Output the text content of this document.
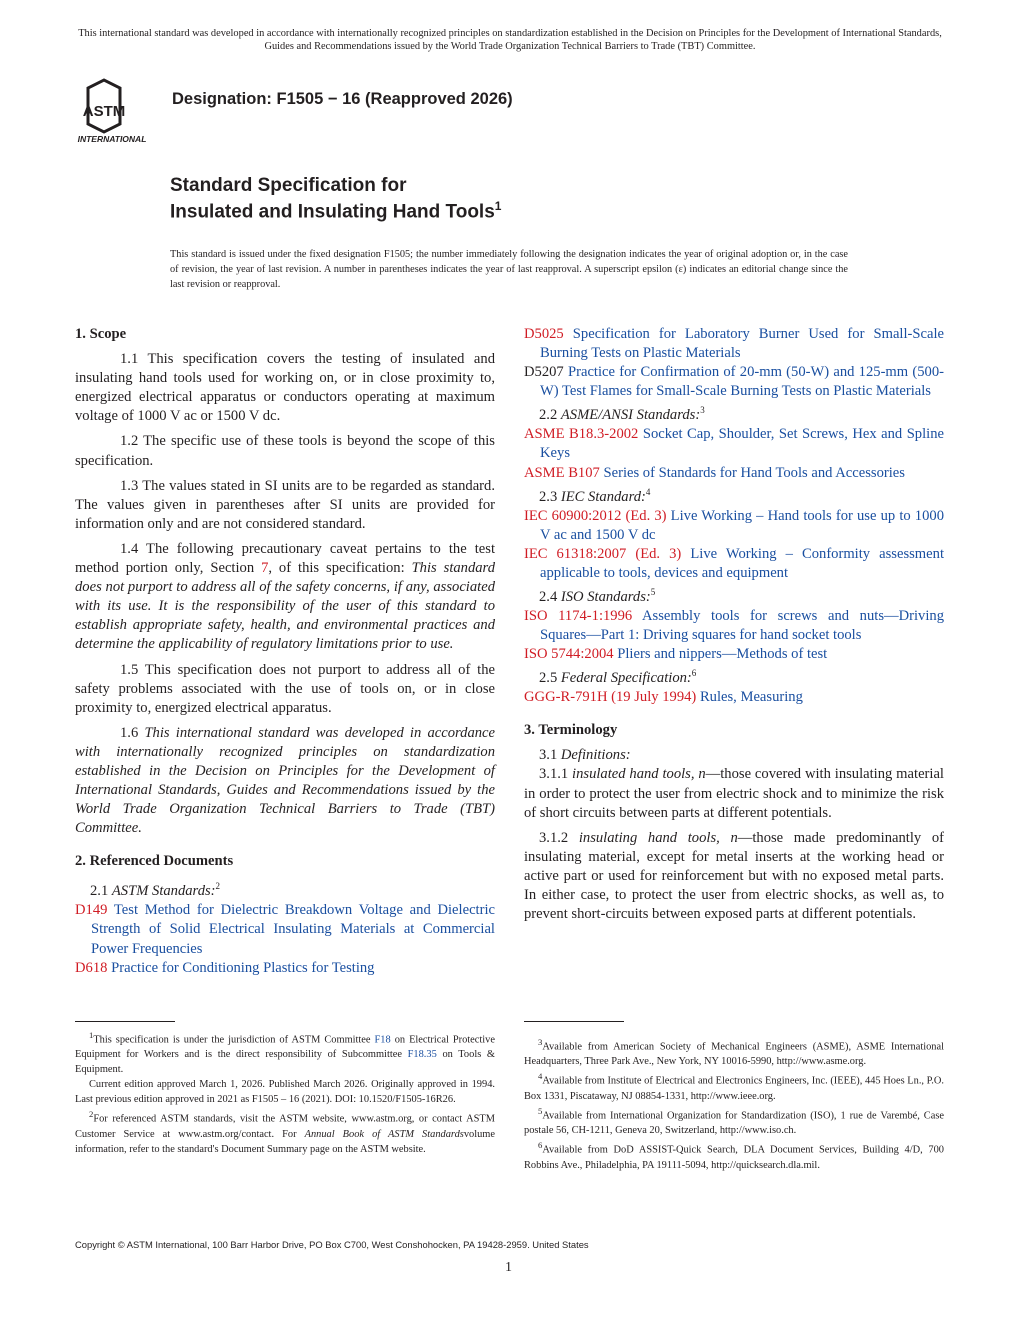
This international standard was developed in accordance with internationally recognized principles on standardization established in the Decision on Principles for the Development of International Standards, Guides and Recommendations issued by the World Trade Organization Technical Barriers to Trade (TBT) Committee.
ASTM
INTERNATIONAL
Designation: F1505 − 16 (Reapproved 2026)
Standard Specification for
Insulated and Insulating Hand Tools$^1$
This standard is issued under the fixed designation F1505; the number immediately following the designation indicates the year of original adoption or, in the case of revision, the year of last revision. A number in parentheses indicates the year of last reapproval. A superscript epsilon (ε) indicates an editorial change since the last revision or reapproval.
1. Scope
1.1 This specification covers the testing of insulated and insulating hand tools used for working on, or in close proximity to, energized electrical apparatus or conductors operating at maximum voltage of 1000 V ac or 1500 V dc.
1.2 The specific use of these tools is beyond the scope of this specification.
1.3 The values stated in SI units are to be regarded as standard. The values given in parentheses after SI units are provided for information only and are not considered standard.
1.4 The following precautionary caveat pertains to the test method portion only, Section 7, of this specification: This standard does not purport to address all of the safety concerns, if any, associated with its use. It is the responsibility of the user of this standard to establish appropriate safety, health, and environmental practices and determine the applicability of regulatory limitations prior to use.
1.5 This specification does not purport to address all of the safety problems associated with the use of tools on, or in close proximity to, energized electrical apparatus.
1.6 This international standard was developed in accordance with internationally recognized principles on standardization established in the Decision on Principles for the Development of International Standards, Guides and Recommendations issued by the World Trade Organization Technical Barriers to Trade (TBT) Committee.
2. Referenced Documents
2.1 ASTM Standards:$^2$
D149 Test Method for Dielectric Breakdown Voltage and Dielectric Strength of Solid Electrical Insulating Materials at Commercial Power Frequencies
D618 Practice for Conditioning Plastics for Testing
D5025 Specification for Laboratory Burner Used for Small-Scale Burning Tests on Plastic Materials
D5207 Practice for Confirmation of 20-mm (50-W) and 125-mm (500-W) Test Flames for Small-Scale Burning Tests on Plastic Materials
2.2 ASME/ANSI Standards:$^3$
ASME B18.3-2002 Socket Cap, Shoulder, Set Screws, Hex and Spline Keys
ASME B107 Series of Standards for Hand Tools and Accessories
2.3 IEC Standard:$^4$
IEC 60900:2012 (Ed. 3) Live Working – Hand tools for use up to 1000 V ac and 1500 V dc
IEC 61318:2007 (Ed. 3) Live Working – Conformity assessment applicable to tools, devices and equipment
2.4 ISO Standards:$^5$
ISO 1174-1:1996 Assembly tools for screws and nuts—Driving Squares—Part 1: Driving squares for hand socket tools
ISO 5744:2004 Pliers and nippers—Methods of test
2.5 Federal Specification:$^6$
GGG-R-791H (19 July 1994) Rules, Measuring
3. Terminology
3.1 Definitions:
3.1.1 insulated hand tools, n—those covered with insulating material in order to protect the user from electric shock and to minimize the risk of short circuits between parts at different potentials.
3.1.2 insulating hand tools, n—those made predominantly of insulating material, except for metal inserts at the working head or active part or used for reinforcement but with no exposed metal parts. In either case, to protect the user from electric shocks, as well as, to prevent short-circuits between exposed parts at different potentials.

$^1$This specification is under the jurisdiction of ASTM Committee F18 on Electrical Protective Equipment for Workers and is the direct responsibility of Subcommittee F18.35 on Tools & Equipment.

Current edition approved March 1, 2026. Published March 2026. Originally approved in 1994. Last previous edition approved in 2021 as F1505 – 16 (2021). DOI: 10.1520/F1505-16R26.

$^2$For referenced ASTM standards, visit the ASTM website, www.astm.org, or contact ASTM Customer Service at www.astm.org/contact. For Annual Book of ASTM Standardsvolume information, refer to the standard's Document Summary page on the ASTM website.

$^3$Available from American Society of Mechanical Engineers (ASME), ASME International Headquarters, Three Park Ave., New York, NY 10016-5990, http://www.asme.org.

$^4$Available from Institute of Electrical and Electronics Engineers, Inc. (IEEE), 445 Hoes Ln., P.O. Box 1331, Piscataway, NJ 08854-1331, http://www.ieee.org.

$^5$Available from International Organization for Standardization (ISO), 1 rue de Varembé, Case postale 56, CH-1211, Geneva 20, Switzerland, http://www.iso.ch.

$^6$Available from DoD ASSIST-Quick Search, DLA Document Services, Building 4/D, 700 Robbins Ave., Philadelphia, PA 19111-5094, http://quicksearch.dla.mil.

Copyright © ASTM International, 100 Barr Harbor Drive, PO Box C700, West Conshohocken, PA 19428-2959. United States
1
